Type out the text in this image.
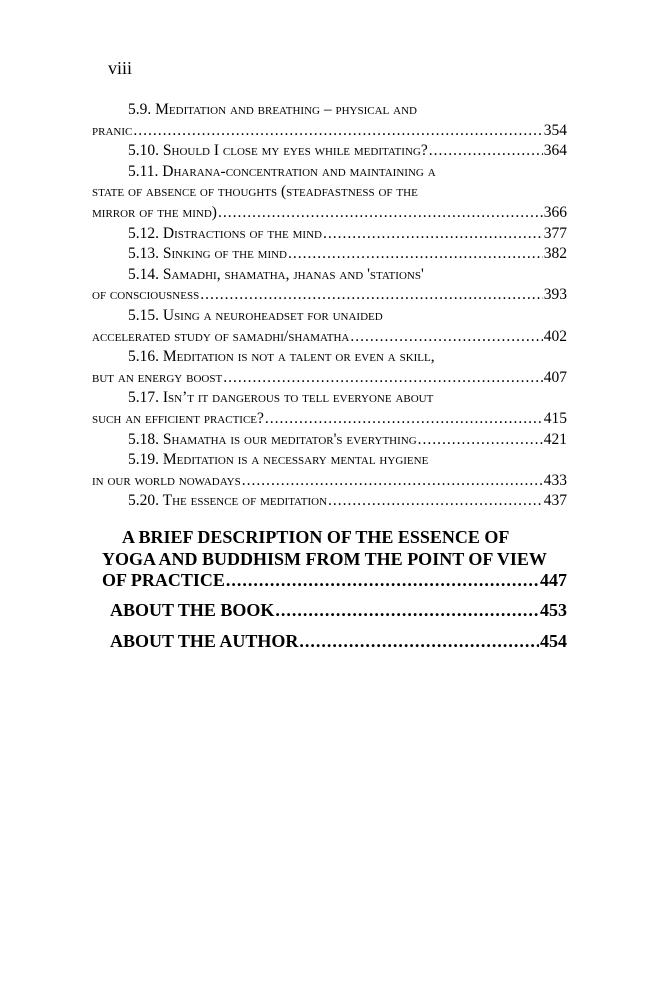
viii
5.9. Meditation and breathing – physical and
pranic .....	354
5.10. Should I close my eyes while meditating? .....	364
5.11. Dharana-concentration and maintaining a
state of absence of thoughts (steadfastness of the
mirror of the mind) .....	366
5.12. Distractions of the mind .....	377
5.13. Sinking of the mind .....	382
5.14. Samadhi, shamatha, jhanas and 'stations'
of consciousness .....	393
5.15. Using a neuroheadset for unaided
accelerated study of samadhi/shamatha .....	402
5.16. Meditation is not a talent or even a skill,
but an energy boost .....	407
5.17. Isn’t it dangerous to tell everyone about
such an efficient practice? .....	415
5.18. Shamatha is our meditator's everything .....	421
5.19. Meditation is a necessary mental hygiene
in our world nowadays .....	433
5.20. The essence of meditation .....	437
A BRIEF DESCRIPTION OF THE ESSENCE OF
YOGA AND BUDDHISM FROM THE POINT OF VIEW
OF PRACTICE .....	447
ABOUT THE BOOK .....	453
ABOUT THE AUTHOR .....	454
